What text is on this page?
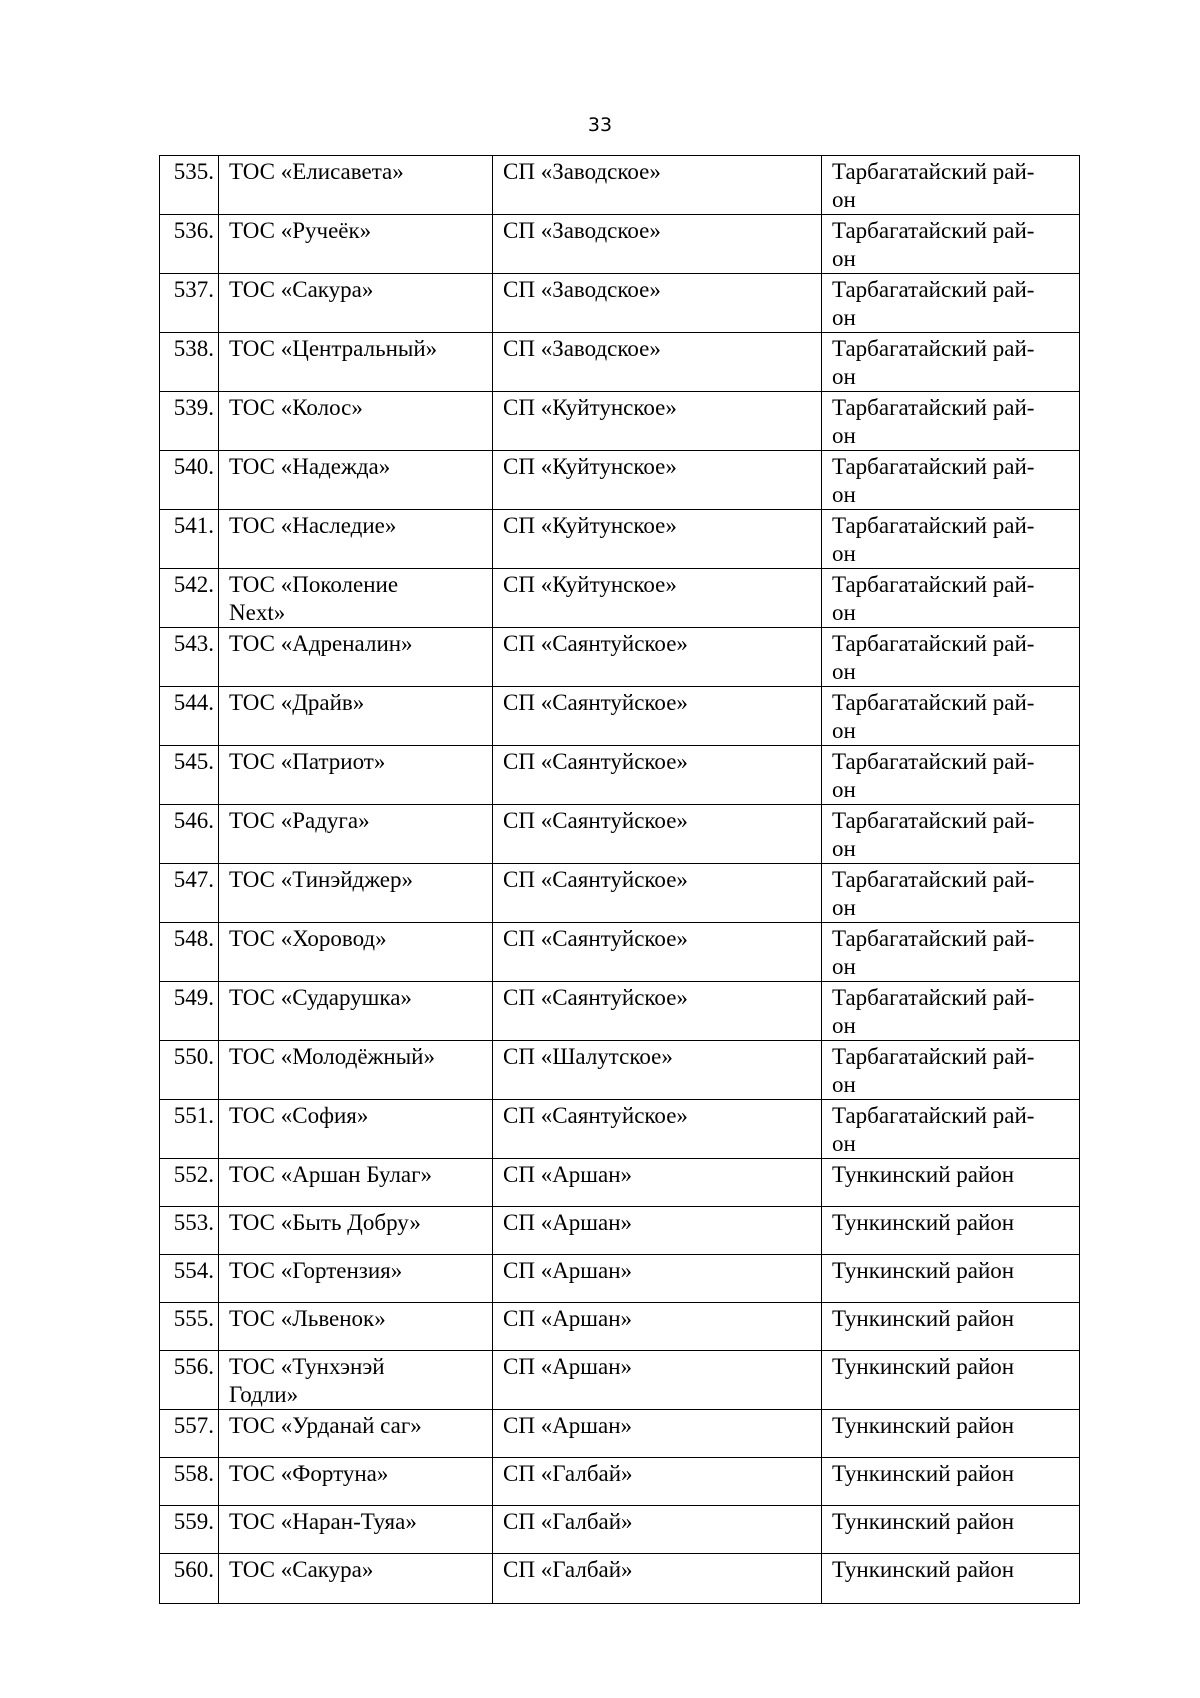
33
535.	ТОС «Елисавета»	СП «Заводское»	Тарбагатайский рай-
он
536.	ТОС «Ручеёк»	СП «Заводское»	Тарбагатайский рай-
он
537.	ТОС «Сакура»	СП «Заводское»	Тарбагатайский рай-
он
538.	ТОС «Центральный»	СП «Заводское»	Тарбагатайский рай-
он
539.	ТОС «Колос»	СП «Куйтунское»	Тарбагатайский рай-
он
540.	ТОС «Надежда»	СП «Куйтунское»	Тарбагатайский рай-
он
541.	ТОС «Наследие»	СП «Куйтунское»	Тарбагатайский рай-
он
542.	ТОС «Поколение
Next»	СП «Куйтунское»	Тарбагатайский рай-
он
543.	ТОС «Адреналин»	СП «Саянтуйское»	Тарбагатайский рай-
он
544.	ТОС «Драйв»	СП «Саянтуйское»	Тарбагатайский рай-
он
545.	ТОС «Патриот»	СП «Саянтуйское»	Тарбагатайский рай-
он
546.	ТОС «Радуга»	СП «Саянтуйское»	Тарбагатайский рай-
он
547.	ТОС «Тинэйджер»	СП «Саянтуйское»	Тарбагатайский рай-
он
548.	ТОС «Хоровод»	СП «Саянтуйское»	Тарбагатайский рай-
он
549.	ТОС «Сударушка»	СП «Саянтуйское»	Тарбагатайский рай-
он
550.	ТОС «Молодёжный»	СП «Шалутское»	Тарбагатайский рай-
он
551.	ТОС «София»	СП «Саянтуйское»	Тарбагатайский рай-
он
552.	ТОС «Аршан Булаг»	СП «Аршан»	Тункинский район
553.	ТОС «Быть Добру»	СП «Аршан»	Тункинский район
554.	ТОС «Гортензия»	СП «Аршан»	Тункинский район
555.	ТОС «Львенок»	СП «Аршан»	Тункинский район
556.	ТОС «Тунхэнэй
Годли»	СП «Аршан»	Тункинский район
557.	ТОС «Урданай саг»	СП «Аршан»	Тункинский район
558.	ТОС «Фортуна»	СП «Галбай»	Тункинский район
559.	ТОС «Наран-Туяа»	СП «Галбай»	Тункинский район
560.	ТОС «Сакура»	СП «Галбай»	Тункинский район
